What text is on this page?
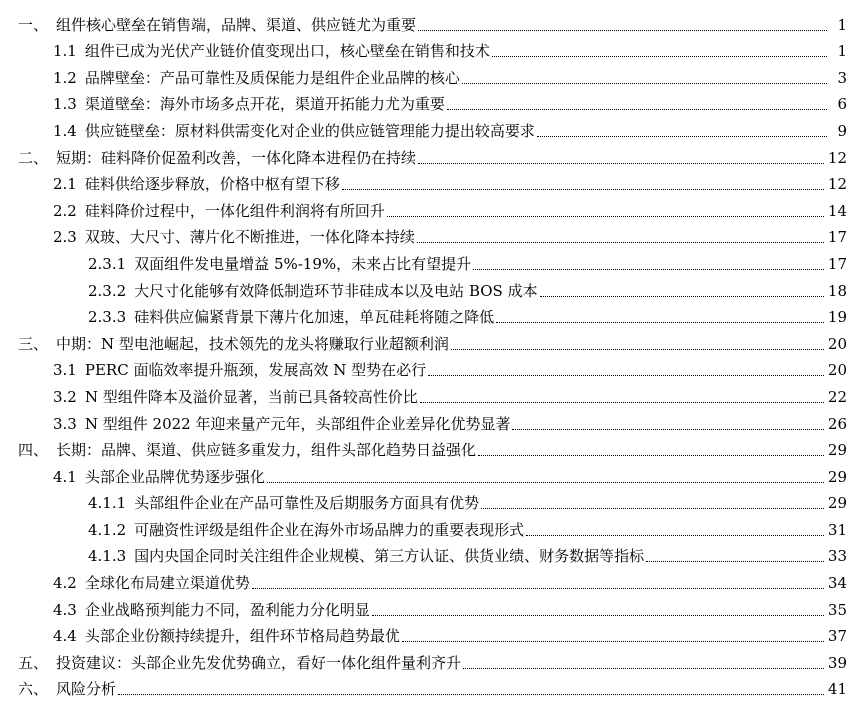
一、 组件核心壁垒在销售端，品牌、渠道、供应链尤为重要	1
1.1 组件已成为光伏产业链价值变现出口，核心壁垒在销售和技术	1
1.2 品牌壁垒：产品可靠性及质保能力是组件企业品牌的核心	3
1.3 渠道壁垒：海外市场多点开花，渠道开拓能力尤为重要	6
1.4 供应链壁垒：原材料供需变化对企业的供应链管理能力提出较高要求	9
二、 短期：硅料降价促盈利改善，一体化降本进程仍在持续	12
2.1 硅料供给逐步释放，价格中枢有望下移	12
2.2 硅料降价过程中，一体化组件利润将有所回升	14
2.3 双玻、大尺寸、薄片化不断推进，一体化降本持续	17
2.3.1 双面组件发电量增益 5%-19%，未来占比有望提升	17
2.3.2 大尺寸化能够有效降低制造环节非硅成本以及电站 BOS 成本	18
2.3.3 硅料供应偏紧背景下薄片化加速，单瓦硅耗将随之降低	19
三、 中期：N 型电池崛起，技术领先的龙头将赚取行业超额利润	20
3.1 PERC 面临效率提升瓶颈，发展高效 N 型势在必行	20
3.2 N 型组件降本及溢价显著，当前已具备较高性价比	22
3.3 N 型组件 2022 年迎来量产元年，头部组件企业差异化优势显著	26
四、 长期：品牌、渠道、供应链多重发力，组件头部化趋势日益强化	29
4.1 头部企业品牌优势逐步强化	29
4.1.1 头部组件企业在产品可靠性及后期服务方面具有优势	29
4.1.2 可融资性评级是组件企业在海外市场品牌力的重要表现形式	31
4.1.3 国内央国企同时关注组件企业规模、第三方认证、供货业绩、财务数据等指标	33
4.2 全球化布局建立渠道优势	34
4.3 企业战略预判能力不同，盈利能力分化明显	35
4.4 头部企业份额持续提升，组件环节格局趋势最优	37
五、 投资建议：头部企业先发优势确立，看好一体化组件量利齐升	39
六、 风险分析	41
